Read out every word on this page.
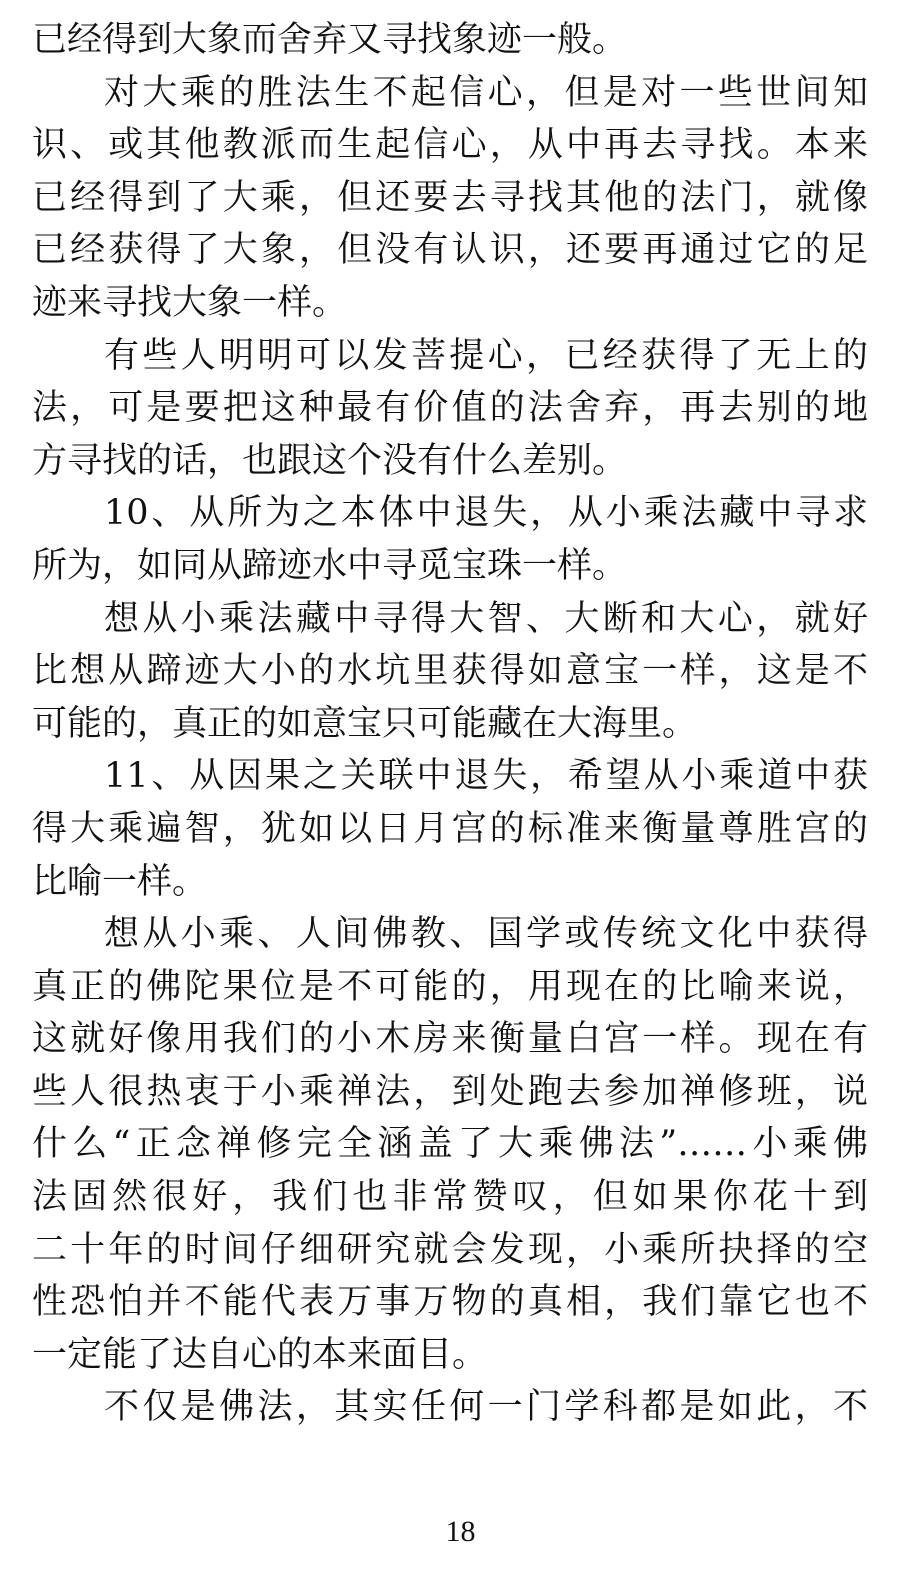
已经得到大象而舍弃又寻找象迹一般。
对大乘的胜法生不起信心，但是对一些世间知
识、或其他教派而生起信心，从中再去寻找。本来
已经得到了大乘，但还要去寻找其他的法门，就像
已经获得了大象，但没有认识，还要再通过它的足
迹来寻找大象一样。
有些人明明可以发菩提心，已经获得了无上的
法，可是要把这种最有价值的法舍弃，再去别的地
方寻找的话，也跟这个没有什么差别。
10、从所为之本体中退失，从小乘法藏中寻求
所为，如同从蹄迹水中寻觅宝珠一样。
想从小乘法藏中寻得大智、大断和大心，就好
比想从蹄迹大小的水坑里获得如意宝一样，这是不
可能的，真正的如意宝只可能藏在大海里。
11、从因果之关联中退失，希望从小乘道中获
得大乘遍智，犹如以日月宫的标准来衡量尊胜宫的
比喻一样。
想从小乘、人间佛教、国学或传统文化中获得
真正的佛陀果位是不可能的，用现在的比喻来说，
这就好像用我们的小木房来衡量白宫一样。现在有
些人很热衷于小乘禅法，到处跑去参加禅修班，说
什么“正念禅修完全涵盖了大乘佛法”……小乘佛
法固然很好，我们也非常赞叹，但如果你花十到
二十年的时间仔细研究就会发现，小乘所抉择的空
性恐怕并不能代表万事万物的真相，我们靠它也不
一定能了达自心的本来面目。
不仅是佛法，其实任何一门学科都是如此，不
18
